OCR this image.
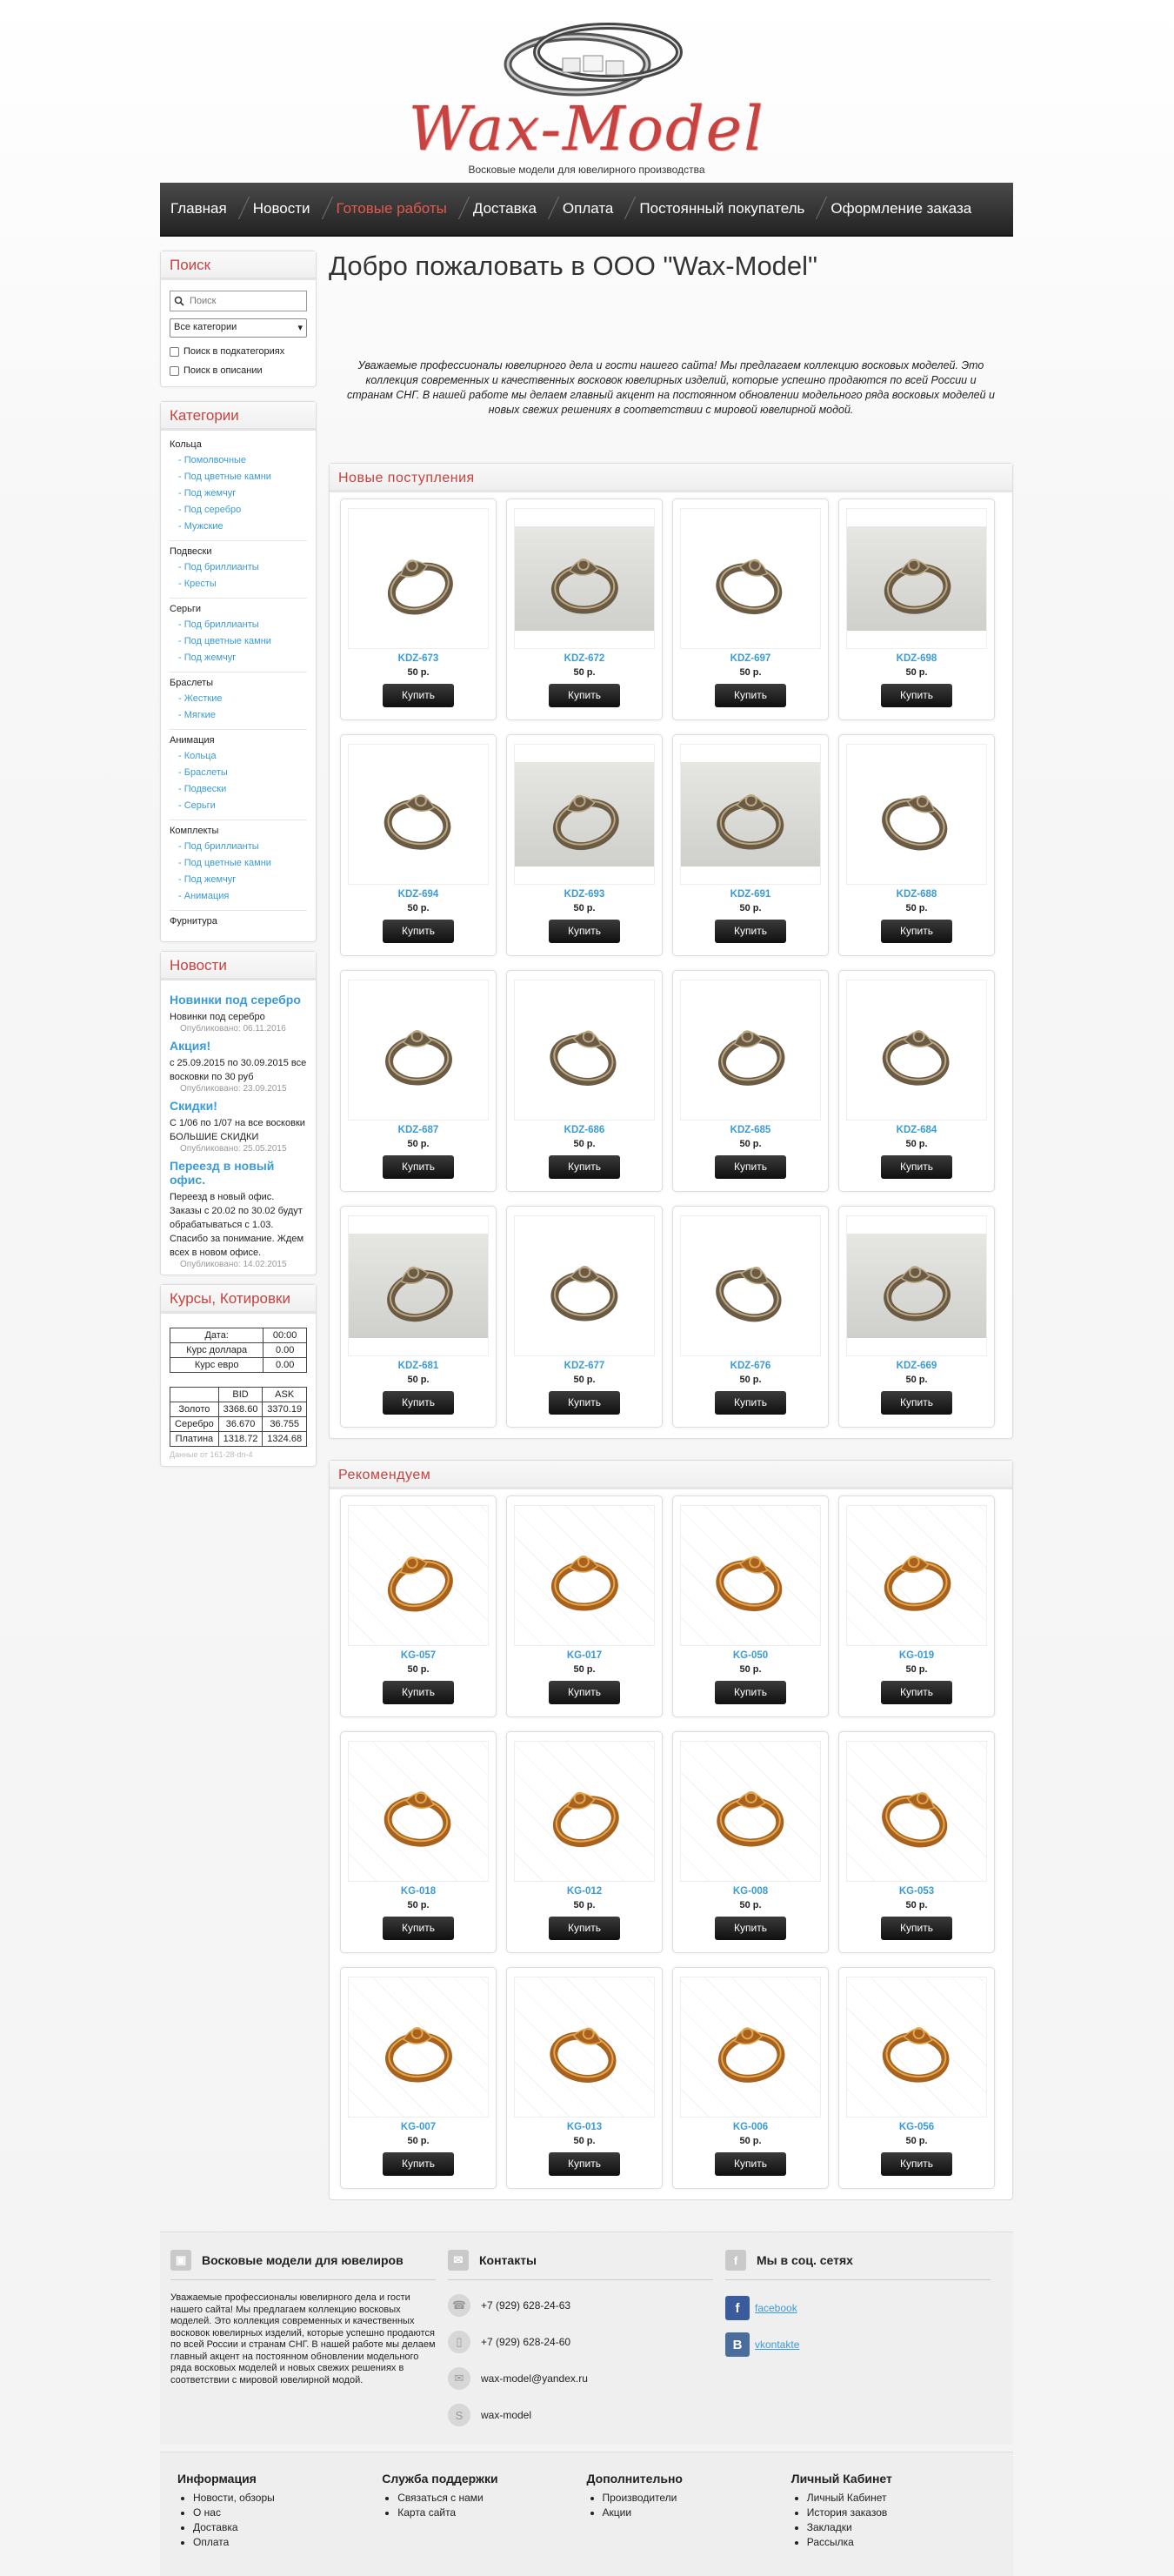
Wax-Model
Восковые модели для ювелирного производства
Главная	Новости	Готовые работы	Доставка	Оплата	Постоянный покупатель	Оформление заказа
Поиск
Поиск
Все категории	▾
Поиск в подкатегориях
Поиск в описании
Категории
Кольца
- Помолвочные
- Под цветные камни
- Под жемчуг
- Под серебро
- Мужские
Подвески
- Под бриллианты
- Кресты
Серьги
- Под бриллианты
- Под цветные камни
- Под жемчуг
Браслеты
- Жесткие
- Мягкие
Анимация
- Кольца
- Браслеты
- Подвески
- Серьги
Комплекты
- Под бриллианты
- Под цветные камни
- Под жемчуг
- Анимация
Фурнитура
Новости
Новинки под серебро
Новинки под серебро
Опубликовано: 06.11.2016
Акция!
с 25.09.2015 по 30.09.2015 все восковки по 30 руб
Опубликовано: 23.09.2015
Скидки!
С 1/06 по 1/07 на все восковки БОЛЬШИЕ СКИДКИ
Опубликовано: 25.05.2015
Переезд в новый офис.
Переезд в новый офис. Заказы с 20.02 по 30.02 будут обрабатываться с 1.03. Спасибо за понимание. Ждем всех в новом офисе.
Опубликовано: 14.02.2015
Курсы, Котировки
Дата:	00:00
Курс доллара	0.00
Курс евро	0.00
	BID	ASK
Золото	3368.60	3370.19
Серебро	36.670	36.755
Платина	1318.72	1324.68
Данные от 161-28-dn-4
Добро пожаловать в ООО "Wax-Model"
Уважаемые профессионалы ювелирного дела и гости нашего сайта! Мы предлагаем коллекцию восковых моделей. Это коллекция современных и качественных восковок ювелирных изделий, которые успешно продаются по всей России и странам СНГ. В нашей работе мы делаем главный акцент на постоянном обновлении модельного ряда восковых моделей и новых свежих решениях в соответствии с мировой ювелирной модой.
Новые поступления
KDZ-673
50 р.
Купить
KDZ-672
50 р.
Купить
KDZ-697
50 р.
Купить
KDZ-698
50 р.
Купить
KDZ-694
50 р.
Купить
KDZ-693
50 р.
Купить
KDZ-691
50 р.
Купить
KDZ-688
50 р.
Купить
KDZ-687
50 р.
Купить
KDZ-686
50 р.
Купить
KDZ-685
50 р.
Купить
KDZ-684
50 р.
Купить
KDZ-681
50 р.
Купить
KDZ-677
50 р.
Купить
KDZ-676
50 р.
Купить
KDZ-669
50 р.
Купить
Рекомендуем
KG-057
50 р.
Купить
KG-017
50 р.
Купить
KG-050
50 р.
Купить
KG-019
50 р.
Купить
KG-018
50 р.
Купить
KG-012
50 р.
Купить
KG-008
50 р.
Купить
KG-053
50 р.
Купить
KG-007
50 р.
Купить
KG-013
50 р.
Купить
KG-006
50 р.
Купить
KG-056
50 р.
Купить
▣	Восковые модели для ювелиров
Уважаемые профессионалы ювелирного дела и гости нашего сайта! Мы предлагаем коллекцию восковых моделей. Это коллекция современных и качественных восковок ювелирных изделий, которые успешно продаются по всей России и странам СНГ. В нашей работе мы делаем главный акцент на постоянном обновлении модельного ряда восковых моделей и новых свежих решениях в соответствии с мировой ювелирной модой.
✉	Контакты
☎	+7 (929) 628-24-63
▯	+7 (929) 628-24-60
✉	wax-model@yandex.ru
S	wax-model
f	Мы в соц. сетях
f	facebook
В	vkontakte
Информация
• Новости, обзоры
• О нас
• Доставка
• Оплата
Служба поддержки
• Связаться с нами
• Карта сайта
Дополнительно
• Производители
• Акции
Личный Кабинет
• Личный Кабинет
• История заказов
• Закладки
• Рассылка
